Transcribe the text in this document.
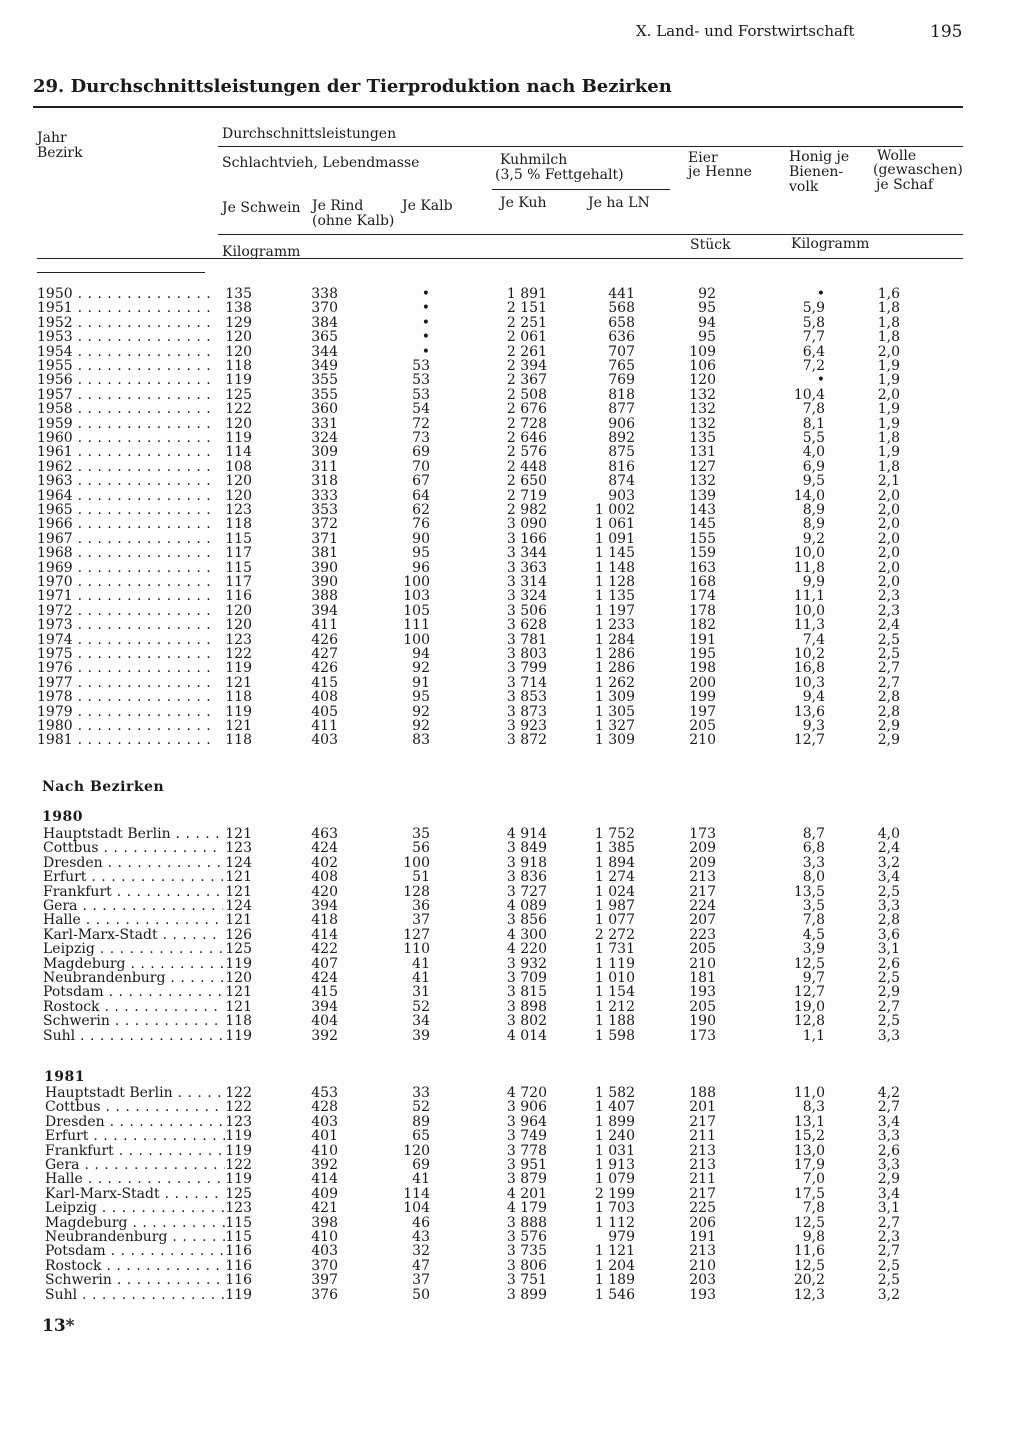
X. Land- und Forstwirtschaft	195
29. Durchschnittsleistungen der Tierproduktion nach Bezirken
Jahr
Bezirk
Durchschnittsleistungen
Schlachtvieh, Lebendmasse	Kuhmilch
(3,5 % Fettgehalt)
Eier
je Henne
Honig je
Bienen-
volk
Wolle
(gewaschen)
je Schaf
Je Schwein Je Rind
(ohne Kalb)
Je Kalb	Je Kuh	Je ha LN
Kilogramm	Stück	Kilogramm
1950 . . .	135	338	•	1 891	441	92	•	1,6
1951 . . .	138	370	•	2 151	568	95	5,9	1,8
1952 . . .	129	384	•	2 251	658	94	5,8	1,8
1953 . . .	120	365	•	2 061	636	95	7,7	1,8
1954 . . .	120	344	•	2 261	707	109	6,4	2,0
1955 . . .	118	349	53	2 394	765	106	7,2	1,9
1956 . . .	119	355	53	2 367	769	120	•	1,9
1957 . . .	125	355	53	2 508	818	132	10,4	2,0
1958 . . .	122	360	54	2 676	877	132	7,8	1,9
1959 . . .	120	331	72	2 728	906	132	8,1	1,9
1960 . . .	119	324	73	2 646	892	135	5,5	1,8
1961 . . .	114	309	69	2 576	875	131	4,0	1,9
1962 . . .	108	311	70	2 448	816	127	6,9	1,8
1963 . . .	120	318	67	2 650	874	132	9,5	2,1
1964 . . .	120	333	64	2 719	903	139	14,0	2,0
1965 . . .	123	353	62	2 982	1 002	143	8,9	2,0
1966 . . .	118	372	76	3 090	1 061	145	8,9	2,0
1967 . . .	115	371	90	3 166	1 091	155	9,2	2,0
1968 . . .	117	381	95	3 344	1 145	159	10,0	2,0
1969 . . .	115	390	96	3 363	1 148	163	11,8	2,0
1970 . . .	117	390	100	3 314	1 128	168	9,9	2,0
1971 . . .	116	388	103	3 324	1 135	174	11,1	2,3
1972 . . .	120	394	105	3 506	1 197	178	10,0	2,3
1973 . . .	120	411	111	3 628	1 233	182	11,3	2,4
1974 . . .	123	426	100	3 781	1 284	191	7,4	2,5
1975 . . .	122	427	94	3 803	1 286	195	10,2	2,5
1976 . . .	119	426	92	3 799	1 286	198	16,8	2,7
1977 . . .	121	415	91	3 714	1 262	200	10,3	2,7
1978 . . .	118	408	95	3 853	1 309	199	9,4	2,8
1979 . . .	119	405	92	3 873	1 305	197	13,6	2,8
1980 . . .	121	411	92	3 923	1 327	205	9,3	2,9
1981 . . .	118	403	83	3 872	1 309	210	12,7	2,9
Nach Bezirken
1980
Hauptstadt Berlin . . .	121	463	35	4 914	1 752	173	8,7	4,0
Cottbus . . .	123	424	56	3 849	1 385	209	6,8	2,4
Dresden . . .	124	402	100	3 918	1 894	209	3,3	3,2
Erfurt . . .	121	408	51	3 836	1 274	213	8,0	3,4
Frankfurt . . .	121	420	128	3 727	1 024	217	13,5	2,5
Gera . . .	124	394	36	4 089	1 987	224	3,5	3,3
Halle . . .	121	418	37	3 856	1 077	207	7,8	2,8
Karl-Marx-Stadt . . .	126	414	127	4 300	2 272	223	4,5	3,6
Leipzig . . .	125	422	110	4 220	1 731	205	3,9	3,1
Magdeburg . . .	119	407	41	3 932	1 119	210	12,5	2,6
Neubrandenburg . . .	120	424	41	3 709	1 010	181	9,7	2,5
Potsdam . . .	121	415	31	3 815	1 154	193	12,7	2,9
Rostock . . .	121	394	52	3 898	1 212	205	19,0	2,7
Schwerin . . .	118	404	34	3 802	1 188	190	12,8	2,5
Suhl . . .	119	392	39	4 014	1 598	173	1,1	3,3
1981
Hauptstadt Berlin . . .	122	453	33	4 720	1 582	188	11,0	4,2
Cottbus . . .	122	428	52	3 906	1 407	201	8,3	2,7
Dresden . . .	123	403	89	3 964	1 899	217	13,1	3,4
Erfurt . . .	119	401	65	3 749	1 240	211	15,2	3,3
Frankfurt . . .	119	410	120	3 778	1 031	213	13,0	2,6
Gera . . .	122	392	69	3 951	1 913	213	17,9	3,3
Halle . . .	119	414	41	3 879	1 079	211	7,0	2,9
Karl-Marx-Stadt . . .	125	409	114	4 201	2 199	217	17,5	3,4
Leipzig . . .	123	421	104	4 179	1 703	225	7,8	3,1
Magdeburg . . .	115	398	46	3 888	1 112	206	12,5	2,7
Neubrandenburg . . .	115	410	43	3 576	979	191	9,8	2,3
Potsdam . . .	116	403	32	3 735	1 121	213	11,6	2,7
Rostock . . .	116	370	47	3 806	1 204	210	12,5	2,5
Schwerin . . .	116	397	37	3 751	1 189	203	20,2	2,5
Suhl . . .	119	376	50	3 899	1 546	193	12,3	3,2
13*
